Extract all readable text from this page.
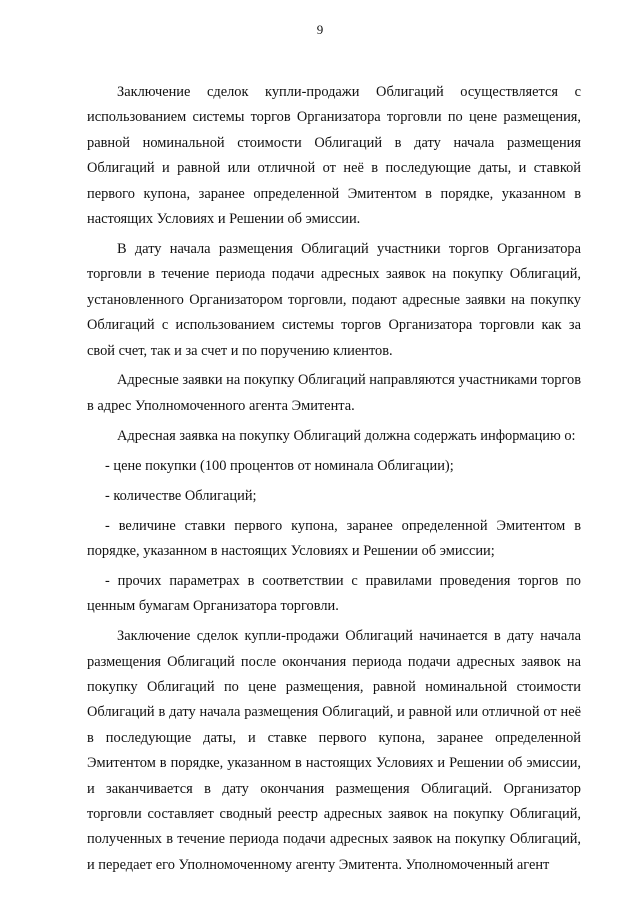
9

Заключение сделок купли-продажи Облигаций осуществляется с использованием системы торгов Организатора торговли по цене размещения, равной номинальной стоимости Облигаций в дату начала размещения Облигаций и равной или отличной от неё в последующие даты, и ставкой первого купона, заранее определенной Эмитентом в порядке, указанном в настоящих Условиях и Решении об эмиссии.

В дату начала размещения Облигаций участники торгов Организатора торговли в течение периода подачи адресных заявок на покупку Облигаций, установленного Организатором торговли, подают адресные заявки на покупку Облигаций с использованием системы торгов Организатора торговли как за свой счет, так и за счет и по поручению клиентов.

Адресные заявки на покупку Облигаций направляются участниками торгов в адрес Уполномоченного агента Эмитента.

Адресная заявка на покупку Облигаций должна содержать информацию о:

- цене покупки (100 процентов от номинала Облигации);

- количестве Облигаций;

- величине ставки первого купона, заранее определенной Эмитентом в порядке, указанном в настоящих Условиях и Решении об эмиссии;

- прочих параметрах в соответствии с правилами проведения торгов по ценным бумагам Организатора торговли.

Заключение сделок купли-продажи Облигаций начинается в дату начала размещения Облигаций после окончания периода подачи адресных заявок на покупку Облигаций по цене размещения, равной номинальной стоимости Облигаций в дату начала размещения Облигаций, и равной или отличной от неё в последующие даты, и ставке первого купона, заранее определенной Эмитентом в порядке, указанном в настоящих Условиях и Решении об эмиссии, и заканчивается в дату окончания размещения Облигаций. Организатор торговли составляет сводный реестр адресных заявок на покупку Облигаций, полученных в течение периода подачи адресных заявок на покупку Облигаций, и передает его Уполномоченному агенту Эмитента. Уполномоченный агент
